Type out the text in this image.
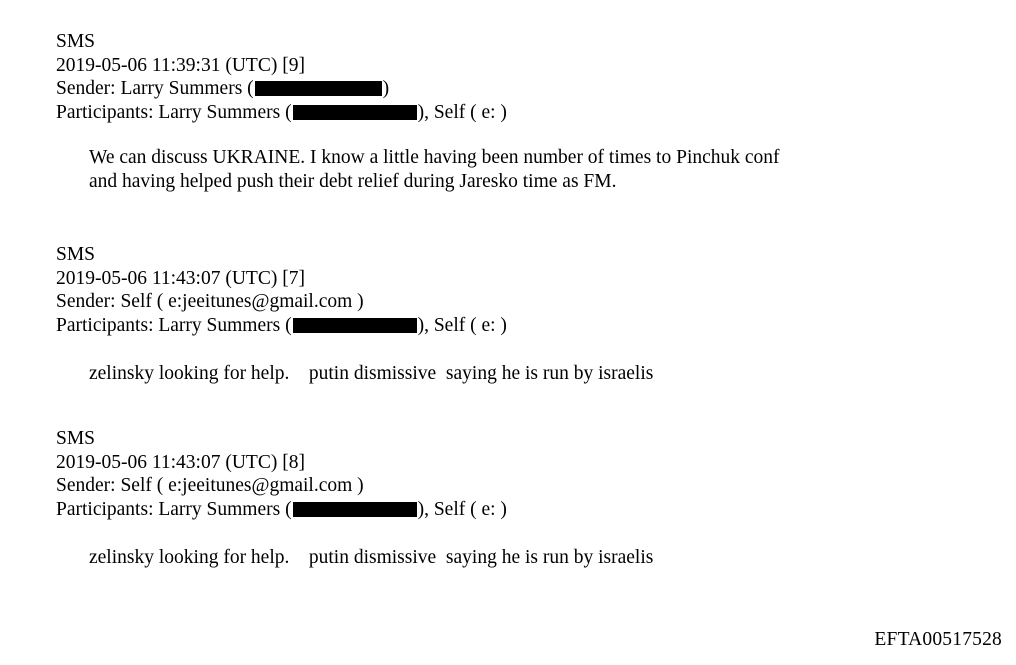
SMS
2019-05-06 11:39:31 (UTC) [9]
Sender: Larry Summers (	)
Participants: Larry Summers (	), Self ( e: )
We can discuss UKRAINE. I know a little having been number of times to Pinchuk conf
and having helped push their debt relief during Jaresko time as FM.
SMS
2019-05-06 11:43:07 (UTC) [7]
Sender: Self ( e:jeeitunes@gmail.com )
Participants: Larry Summers (	), Self ( e: )
zelinsky looking for help.    putin dismissive  saying he is run by israelis
SMS
2019-05-06 11:43:07 (UTC) [8]
Sender: Self ( e:jeeitunes@gmail.com )
Participants: Larry Summers (	), Self ( e: )
zelinsky looking for help.    putin dismissive  saying he is run by israelis
EFTA00517528
